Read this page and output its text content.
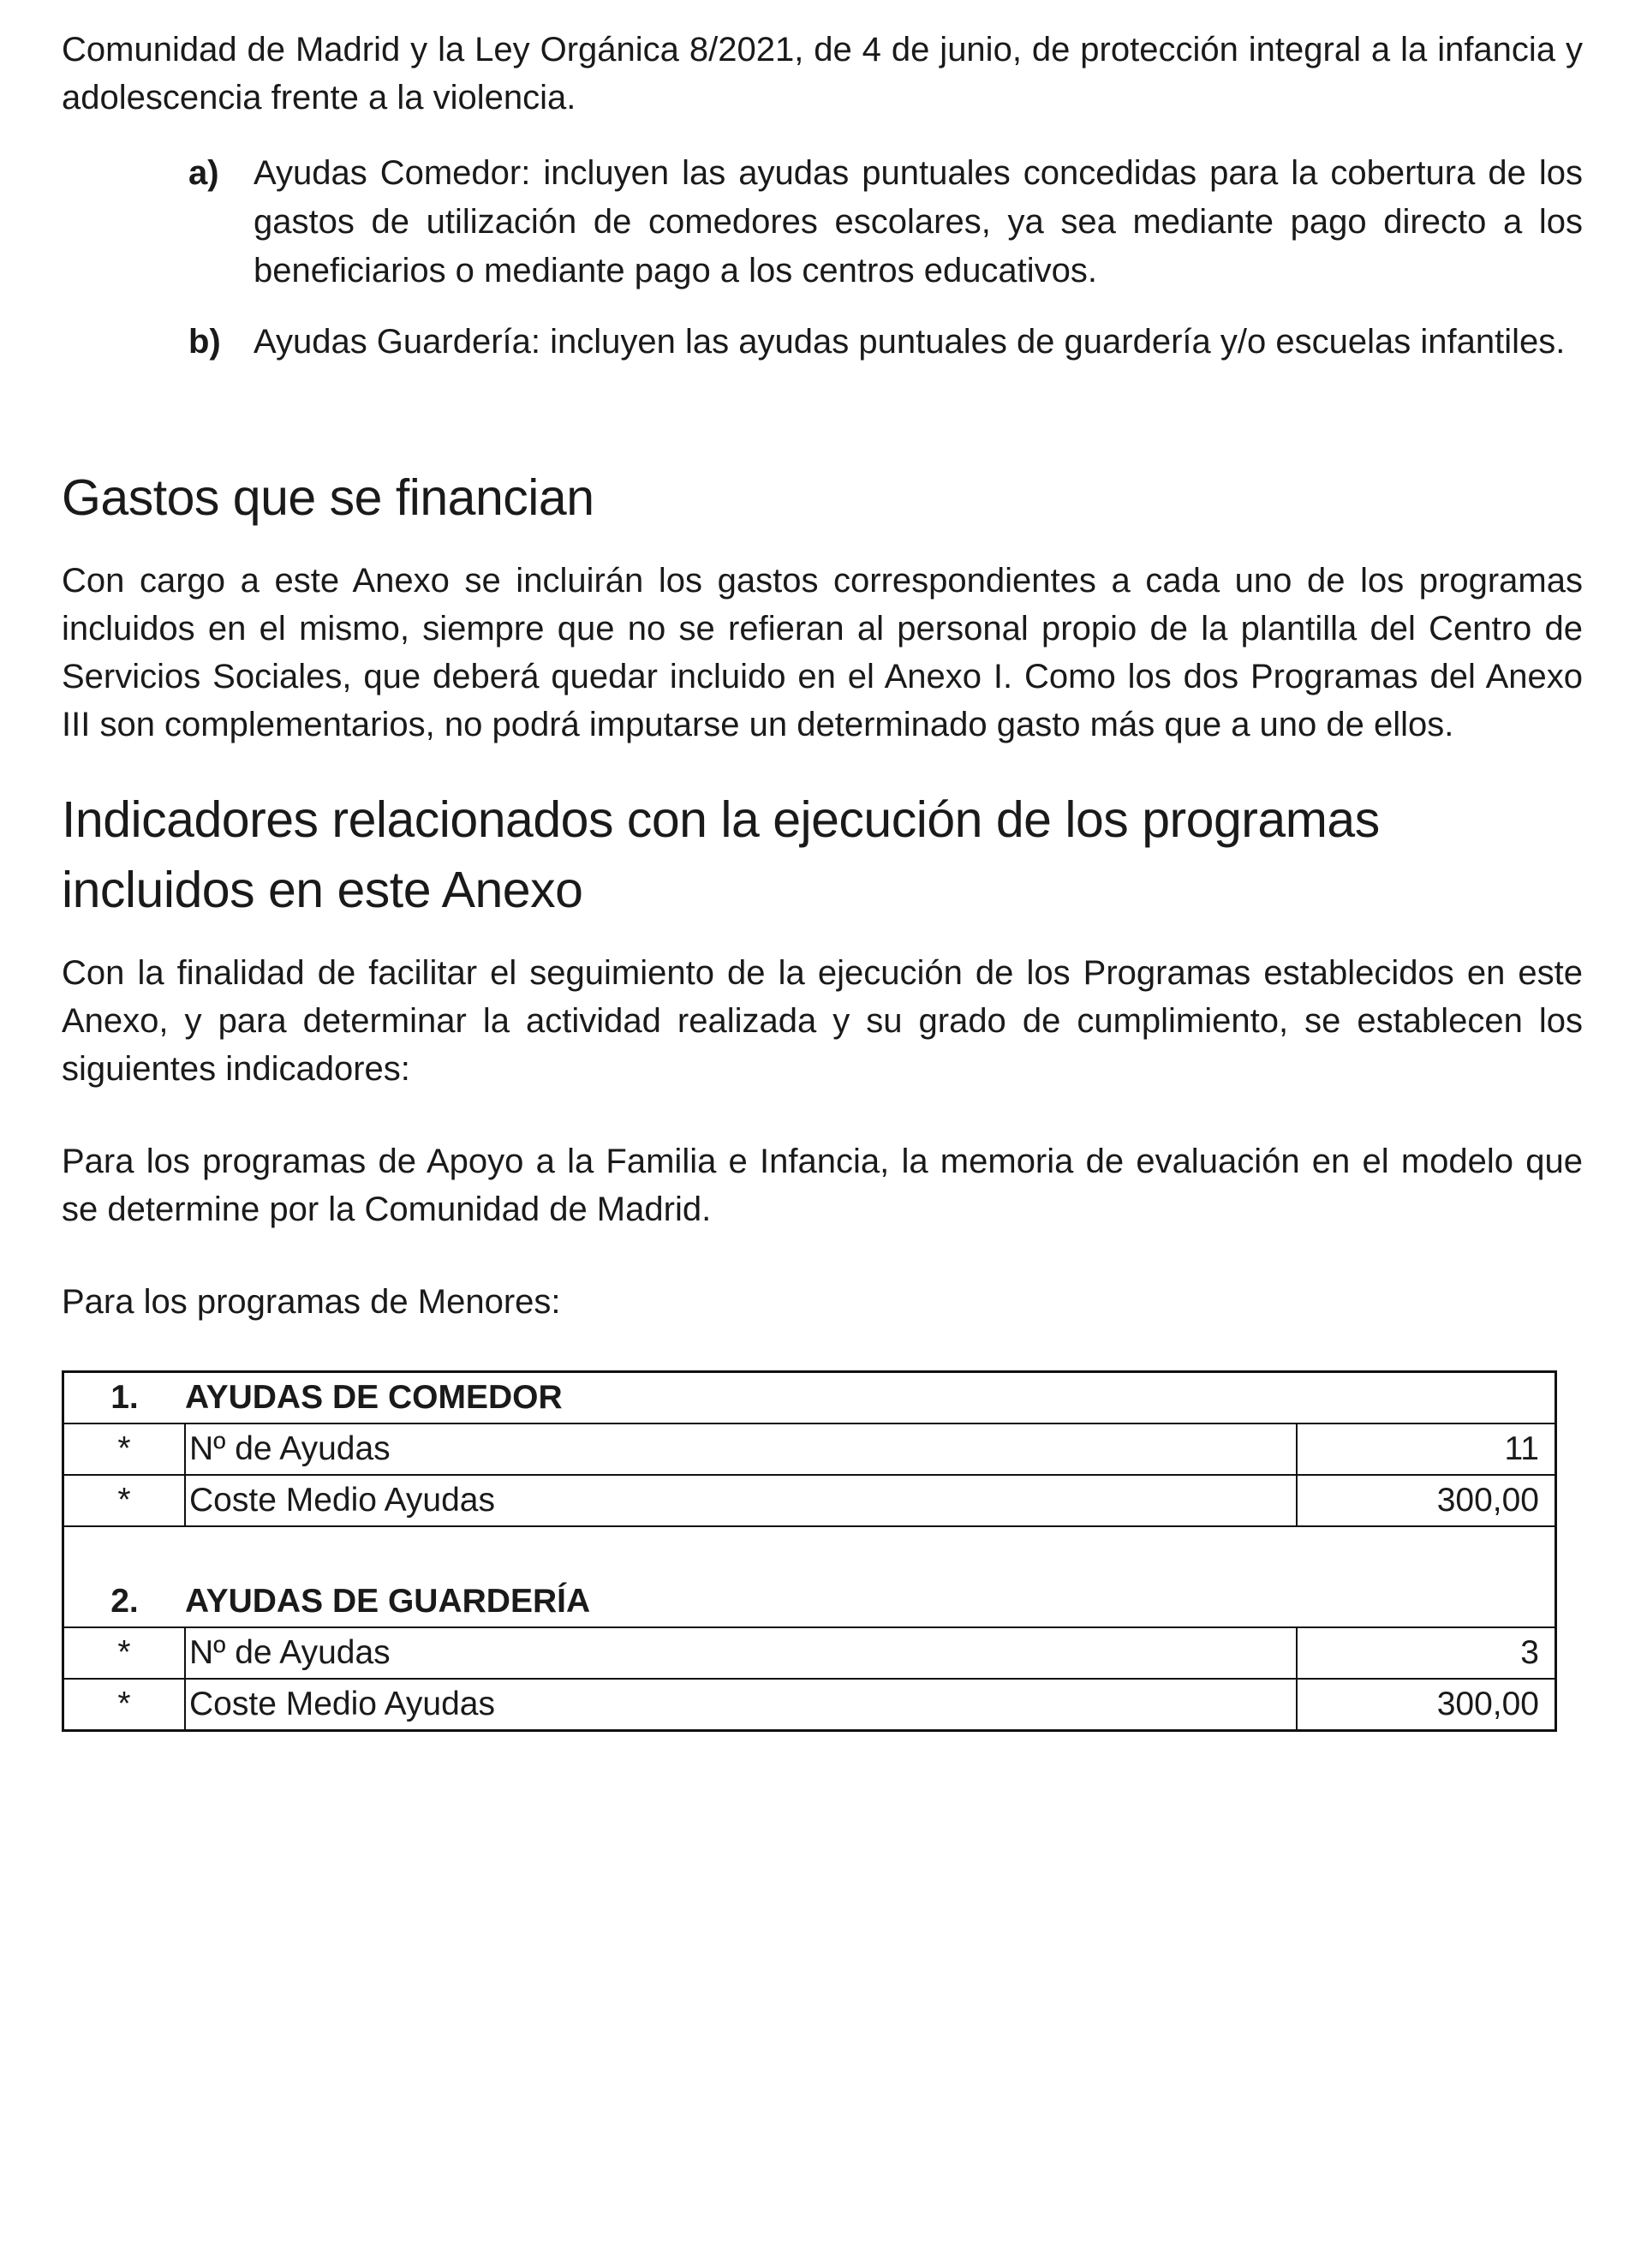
Comunidad de Madrid y la Ley Orgánica 8/2021, de 4 de junio, de protección integral a la infancia y adolescencia frente a la violencia.

a) Ayudas Comedor: incluyen las ayudas puntuales concedidas para la cobertura de los gastos de utilización de comedores escolares, ya sea mediante pago directo a los beneficiarios o mediante pago a los centros educativos.
b) Ayudas Guardería: incluyen las ayudas puntuales de guardería y/o escuelas infantiles.
Gastos que se financian

Con cargo a este Anexo se incluirán los gastos correspondientes a cada uno de los programas incluidos en el mismo, siempre que no se refieran al personal propio de la plantilla del Centro de Servicios Sociales, que deberá quedar incluido en el Anexo I. Como los dos Programas del Anexo III son complementarios, no podrá imputarse un determinado gasto más que a uno de ellos.

Indicadores relacionados con la ejecución de los programas incluidos en este Anexo

Con la finalidad de facilitar el seguimiento de la ejecución de los Programas establecidos en este Anexo, y para determinar la actividad realizada y su grado de cumplimiento, se establecen los siguientes indicadores:

Para los programas de Apoyo a la Familia e Infancia, la memoria de evaluación en el modelo que se determine por la Comunidad de Madrid.

Para los programas de Menores:

1.	AYUDAS DE COMEDOR	
*	Nº de Ayudas	11
*	Coste Medio Ayudas	300,00

2.	AYUDAS DE GUARDERÍA	
*	Nº de Ayudas	3
*	Coste Medio Ayudas	300,00
